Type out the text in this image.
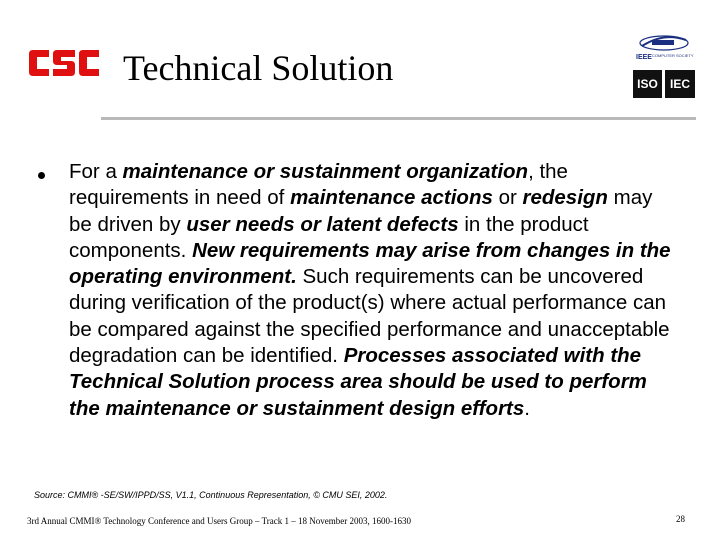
Technical Solution	IEEE COMPUTER SOCIETY
ISO	IEC
For a maintenance or sustainment organization, the requirements in need of maintenance actions or redesign may be driven by user needs or latent defects in the product components. New requirements may arise from changes in the operating environment. Such requirements can be uncovered during verification of the product(s) where actual performance can be compared against the specified performance and unacceptable degradation can be identified. Processes associated with the Technical Solution process area should be used to perform the maintenance or sustainment design efforts.
Source: CMMI® -SE/SW/IPPD/SS, V1.1, Continuous Representation, © CMU SEI, 2002.
3rd Annual CMMI® Technology Conference and Users Group – Track 1 – 18 November 2003, 1600-1630	28
